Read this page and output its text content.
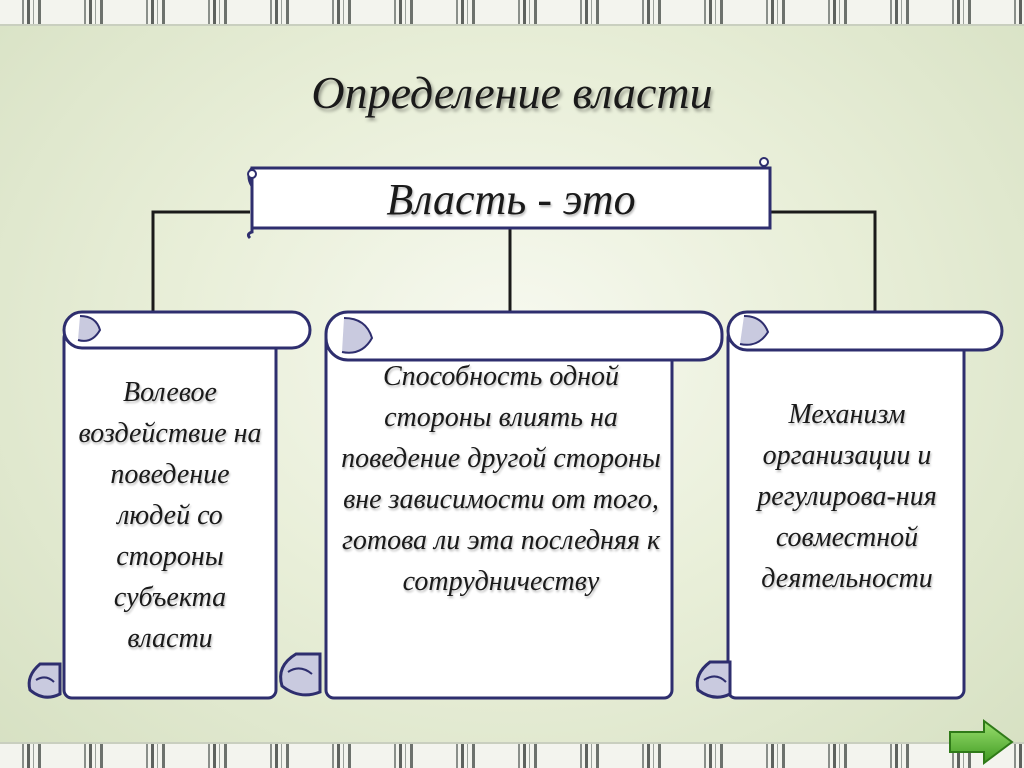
Определение власти
Власть - это
Волевое воздействие на поведение людей со стороны субъекта власти
Способность одной стороны влиять на поведение другой стороны вне зависимости от того, готова ли эта последняя к сотрудничеству
Механизм организации и регулирова-ния совместной деятельности
